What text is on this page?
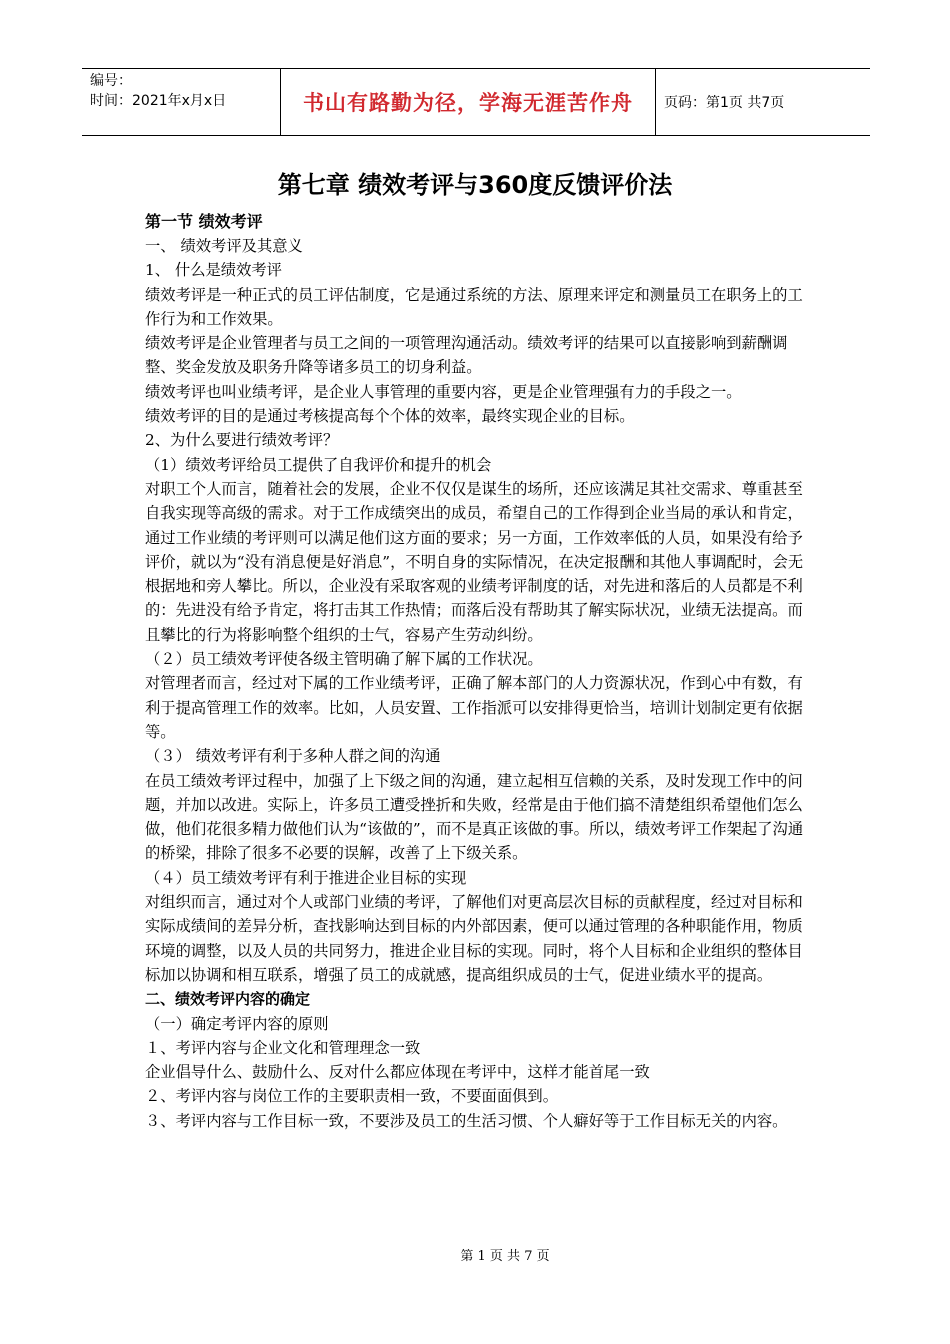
编号：
时间：2021年x月x日	书山有路勤为径，学海无涯苦作舟 页码：第1页 共7页
第七章 绩效考评与360度反馈评价法

第一节 绩效考评

一、 绩效考评及其意义

1、 什么是绩效考评

绩效考评是一种正式的员工评估制度，它是通过系统的方法、原理来评定和测量员工在职务上的工作行为和工作效果。

绩效考评是企业管理者与员工之间的一项管理沟通活动。绩效考评的结果可以直接影响到薪酬调整、奖金发放及职务升降等诸多员工的切身利益。

绩效考评也叫业绩考评，是企业人事管理的重要内容，更是企业管理强有力的手段之一。

绩效考评的目的是通过考核提高每个个体的效率，最终实现企业的目标。

2、为什么要进行绩效考评？

（1）绩效考评给员工提供了自我评价和提升的机会

对职工个人而言，随着社会的发展，企业不仅仅是谋生的场所，还应该满足其社交需求、尊重甚至自我实现等高级的需求。对于工作成绩突出的成员，希望自己的工作得到企业当局的承认和肯定，通过工作业绩的考评则可以满足他们这方面的要求；另一方面，工作效率低的人员，如果没有给予评价，就以为“没有消息便是好消息”，不明自身的实际情况，在决定报酬和其他人事调配时，会无根据地和旁人攀比。所以，企业没有采取客观的业绩考评制度的话，对先进和落后的人员都是不利的：先进没有给予肯定，将打击其工作热情；而落后没有帮助其了解实际状况，业绩无法提高。而且攀比的行为将影响整个组织的士气，容易产生劳动纠纷。

（２）员工绩效考评使各级主管明确了解下属的工作状况。

对管理者而言，经过对下属的工作业绩考评，正确了解本部门的人力资源状况，作到心中有数，有利于提高管理工作的效率。比如，人员安置、工作指派可以安排得更恰当，培训计划制定更有依据等。

（３） 绩效考评有利于多种人群之间的沟通

在员工绩效考评过程中，加强了上下级之间的沟通，建立起相互信赖的关系，及时发现工作中的问题，并加以改进。实际上，许多员工遭受挫折和失败，经常是由于他们搞不清楚组织希望他们怎么做，他们花很多精力做他们认为“该做的”，而不是真正该做的事。所以，绩效考评工作架起了沟通的桥梁，排除了很多不必要的误解，改善了上下级关系。

（４）员工绩效考评有利于推进企业目标的实现

对组织而言，通过对个人或部门业绩的考评，了解他们对更高层次目标的贡献程度，经过对目标和实际成绩间的差异分析，查找影响达到目标的内外部因素，便可以通过管理的各种职能作用，物质环境的调整，以及人员的共同努力，推进企业目标的实现。同时，将个人目标和企业组织的整体目标加以协调和相互联系，增强了员工的成就感，提高组织成员的士气，促进业绩水平的提高。

二、绩效考评内容的确定

（一）确定考评内容的原则

１、考评内容与企业文化和管理理念一致

企业倡导什么、鼓励什么、反对什么都应体现在考评中，这样才能首尾一致

２、考评内容与岗位工作的主要职责相一致，不要面面俱到。

３、考评内容与工作目标一致，不要涉及员工的生活习惯、个人癖好等于工作目标无关的内容。

第 1 页 共 7 页
